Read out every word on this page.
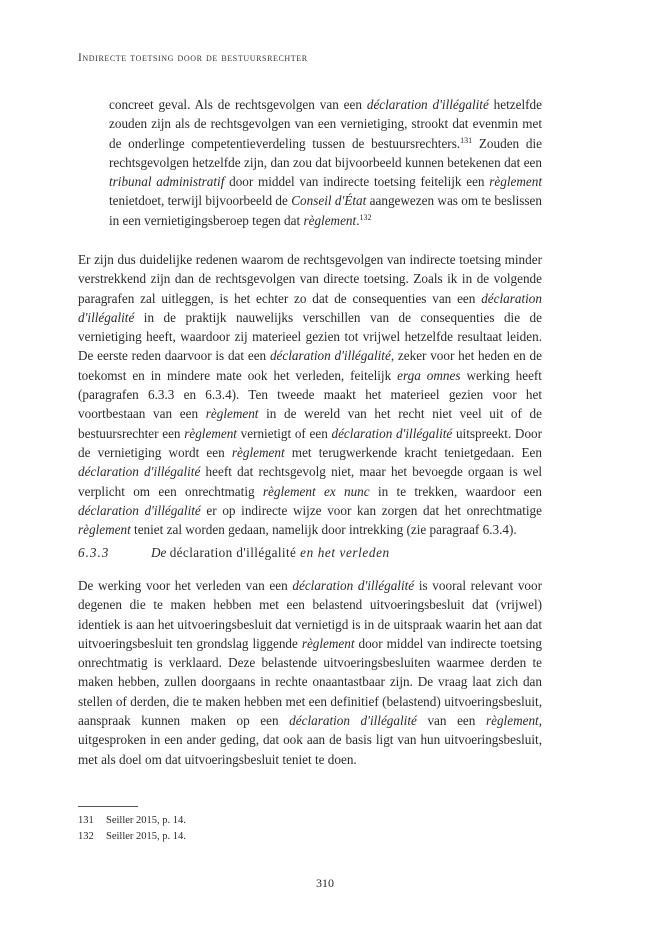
Indirecte toetsing door de bestuursrechter
concreet geval. Als de rechtsgevolgen van een déclaration d'illégalité hetzelfde zouden zijn als de rechtsgevolgen van een vernietiging, strookt dat evenmin met de onderlinge competentieverdeling tussen de bestuursrechters.$^{131}$ Zouden die rechtsgevolgen hetzelfde zijn, dan zou dat bijvoorbeeld kunnen betekenen dat een tribunal administratif door middel van indirecte toetsing feitelijk een règlement tenietdoet, terwijl bijvoorbeeld de Conseil d'État aangewezen was om te beslissen in een vernietigingsberoep tegen dat règlement.$^{132}$
Er zijn dus duidelijke redenen waarom de rechtsgevolgen van indirecte toetsing minder verstrekkend zijn dan de rechtsgevolgen van directe toetsing. Zoals ik in de volgende paragrafen zal uitleggen, is het echter zo dat de consequenties van een déclaration d'illégalité in de praktijk nauwelijks verschillen van de consequenties die de vernietiging heeft, waardoor zij materieel gezien tot vrijwel hetzelfde resultaat leiden. De eerste reden daarvoor is dat een déclaration d'illégalité, zeker voor het heden en de toekomst en in mindere mate ook het verleden, feitelijk erga omnes werking heeft (paragrafen 6.3.3 en 6.3.4). Ten tweede maakt het materieel gezien voor het voortbestaan van een règlement in de wereld van het recht niet veel uit of de bestuursrechter een règlement vernietigt of een déclaration d'illégalité uitspreekt. Door de vernietiging wordt een règlement met terugwerkende kracht tenietgedaan. Een déclaration d'illégalité heeft dat rechtsgevolg niet, maar het bevoegde orgaan is wel verplicht om een onrechtmatig règlement ex nunc in te trekken, waardoor een déclaration d'illégalité er op indirecte wijze voor kan zorgen dat het onrechtmatige règlement teniet zal worden gedaan, namelijk door intrekking (zie paragraaf 6.3.4).
6.3.3	De déclaration d'illégalité en het verleden
De werking voor het verleden van een déclaration d'illégalité is vooral relevant voor degenen die te maken hebben met een belastend uitvoeringsbesluit dat (vrijwel) identiek is aan het uitvoeringsbesluit dat vernietigd is in de uitspraak waarin het aan dat uitvoeringsbesluit ten grondslag liggende règlement door middel van indirecte toetsing onrechtmatig is verklaard. Deze belastende uitvoeringsbesluiten waarmee derden te maken hebben, zullen doorgaans in rechte onaantastbaar zijn. De vraag laat zich dan stellen of derden, die te maken hebben met een definitief (belastend) uitvoeringsbesluit, aanspraak kunnen maken op een déclaration d'illégalité van een règlement, uitgesproken in een ander geding, dat ook aan de basis ligt van hun uitvoeringsbesluit, met als doel om dat uitvoeringsbesluit teniet te doen.
131 Seiller 2015, p. 14.
132 Seiller 2015, p. 14.
310
